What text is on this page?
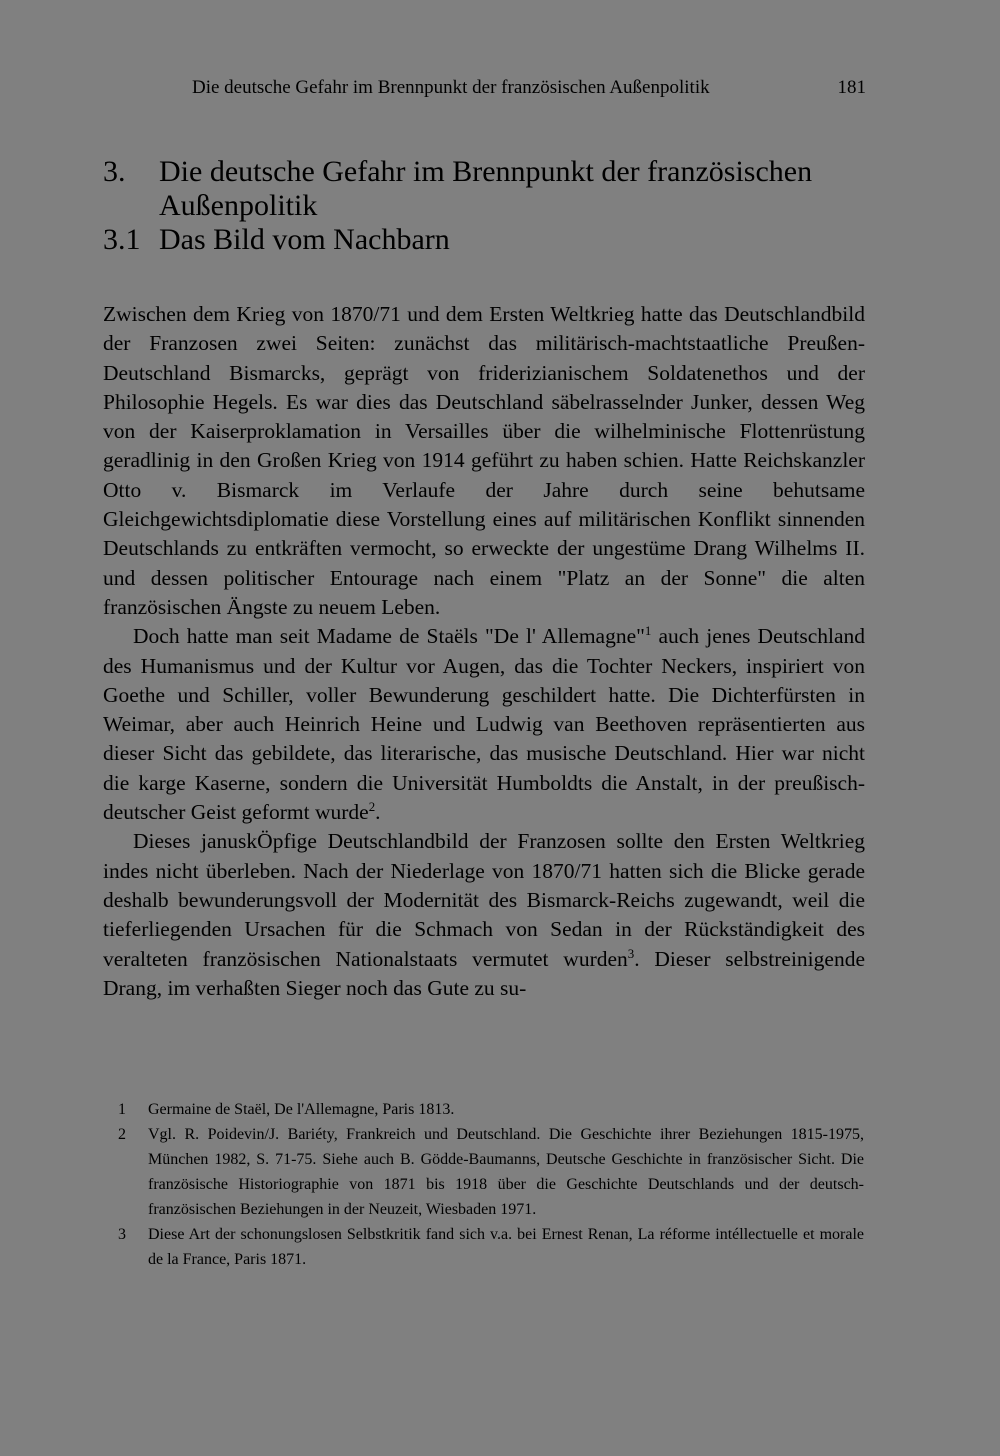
Die deutsche Gefahr im Brennpunkt der französischen Außenpolitik	181
3.	Die deutsche Gefahr im Brennpunkt der französischen Außenpolitik
3.1 Das Bild vom Nachbarn

Zwischen dem Krieg von 1870/71 und dem Ersten Weltkrieg hatte das Deutschlandbild der Franzosen zwei Seiten: zunächst das militärisch-machtstaatliche Preußen-Deutschland Bismarcks, geprägt von friderizianischem Soldatenethos und der Philosophie Hegels. Es war dies das Deutschland säbelrasselnder Junker, dessen Weg von der Kaiserproklamation in Versailles über die wilhelminische Flottenrüstung geradlinig in den Großen Krieg von 1914 geführt zu haben schien. Hatte Reichskanzler Otto v. Bismarck im Verlaufe der Jahre durch seine behutsame Gleichgewichtsdiplomatie diese Vorstellung eines auf militärischen Konflikt sinnenden Deutschlands zu entkräften vermocht, so erweckte der ungestüme Drang Wilhelms II. und dessen politischer Entourage nach einem "Platz an der Sonne" die alten französischen Ängste zu neuem Leben.

Doch hatte man seit Madame de Staëls "De l' Allemagne"$^1$ auch jenes Deutschland des Humanismus und der Kultur vor Augen, das die Tochter Neckers, inspiriert von Goethe und Schiller, voller Bewunderung geschildert hatte. Die Dichterfürsten in Weimar, aber auch Heinrich Heine und Ludwig van Beethoven repräsentierten aus dieser Sicht das gebildete, das literarische, das musische Deutschland. Hier war nicht die karge Kaserne, sondern die Universität Humboldts die Anstalt, in der preußisch-deutscher Geist geformt wurde$^2$.

Dieses januskÖpfige Deutschlandbild der Franzosen sollte den Ersten Weltkrieg indes nicht überleben. Nach der Niederlage von 1870/71 hatten sich die Blicke gerade deshalb bewunderungsvoll der Modernität des Bismarck-Reichs zugewandt, weil die tieferliegenden Ursachen für die Schmach von Sedan in der Rückständigkeit des veralteten französischen Nationalstaats vermutet wurden$^3$. Dieser selbstreinigende Drang, im verhaßten Sieger noch das Gute zu su-

1	Germaine de Staël, De l'Allemagne, Paris 1813.
2	Vgl. R. Poidevin/J. Bariéty, Frankreich und Deutschland. Die Geschichte ihrer Beziehungen 1815-1975, München 1982, S. 71-75. Siehe auch B. Gödde-Baumanns, Deutsche Geschichte in französischer Sicht. Die französische Historiographie von 1871 bis 1918 über die Geschichte Deutschlands und der deutsch-französischen Beziehungen in der Neuzeit, Wiesbaden 1971.
3	Diese Art der schonungslosen Selbstkritik fand sich v.a. bei Ernest Renan, La réforme intéllectuelle et morale de la France, Paris 1871.
